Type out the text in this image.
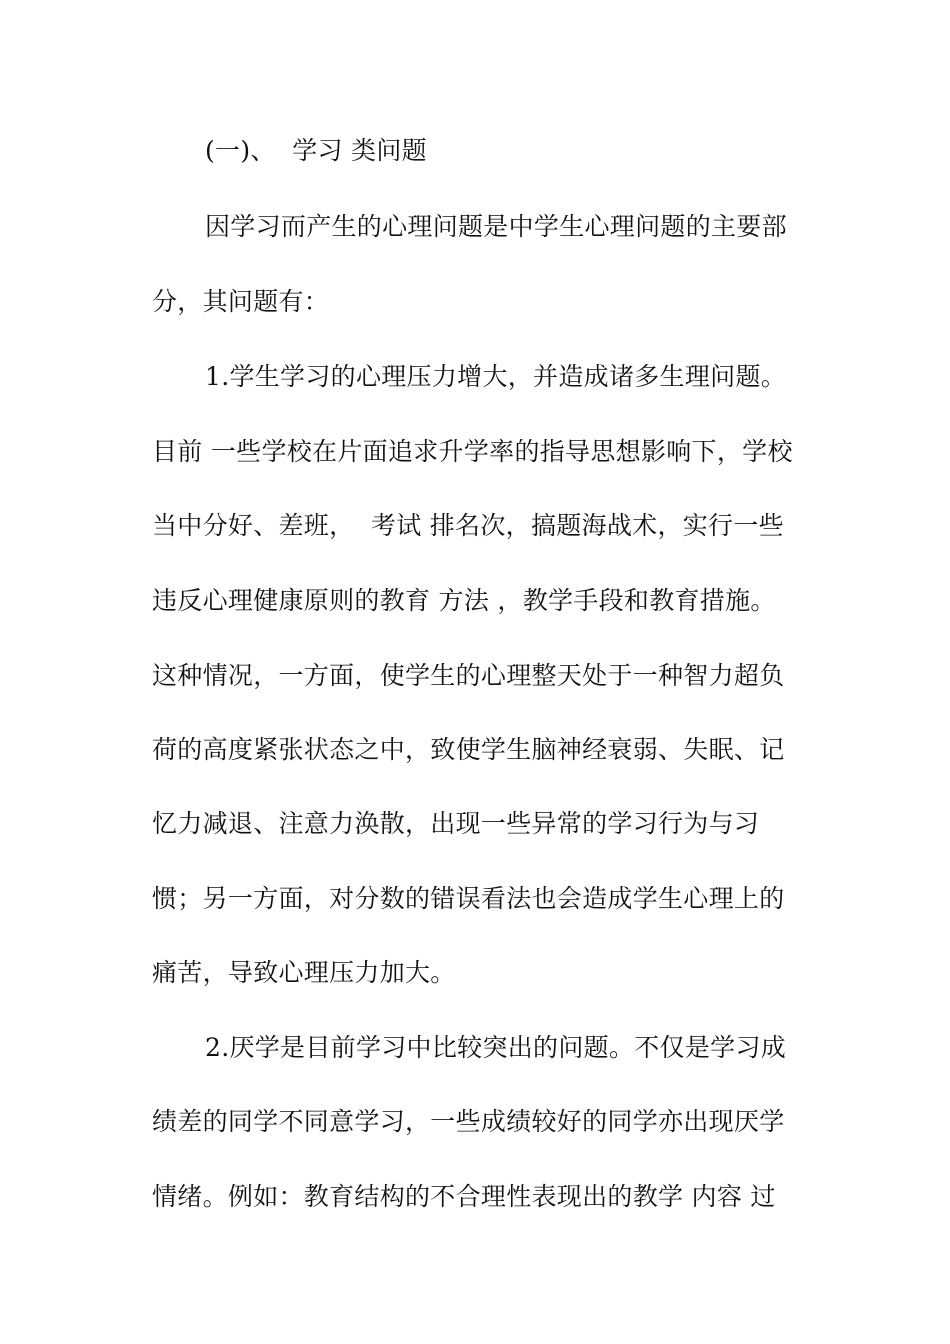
(一)、  学习 类问题
因学习而产生的心理问题是中学生心理问题的主要部
分，其问题有：
1.学生学习的心理压力增大，并造成诸多生理问题。
目前 一些学校在片面追求升学率的指导思想影响下，学校
当中分好、差班，  考试 排名次，搞题海战术，实行一些
违反心理健康原则的教育 方法 ，教学手段和教育措施。
这种情况，一方面，使学生的心理整天处于一种智力超负
荷的高度紧张状态之中，致使学生脑神经衰弱、失眠、记
忆力减退、注意力涣散，出现一些异常的学习行为与习
惯；另一方面，对分数的错误看法也会造成学生心理上的
痛苦，导致心理压力加大。
2.厌学是目前学习中比较突出的问题。不仅是学习成
绩差的同学不同意学习，一些成绩较好的同学亦出现厌学
情绪。例如：教育结构的不合理性表现出的教学 内容 过
